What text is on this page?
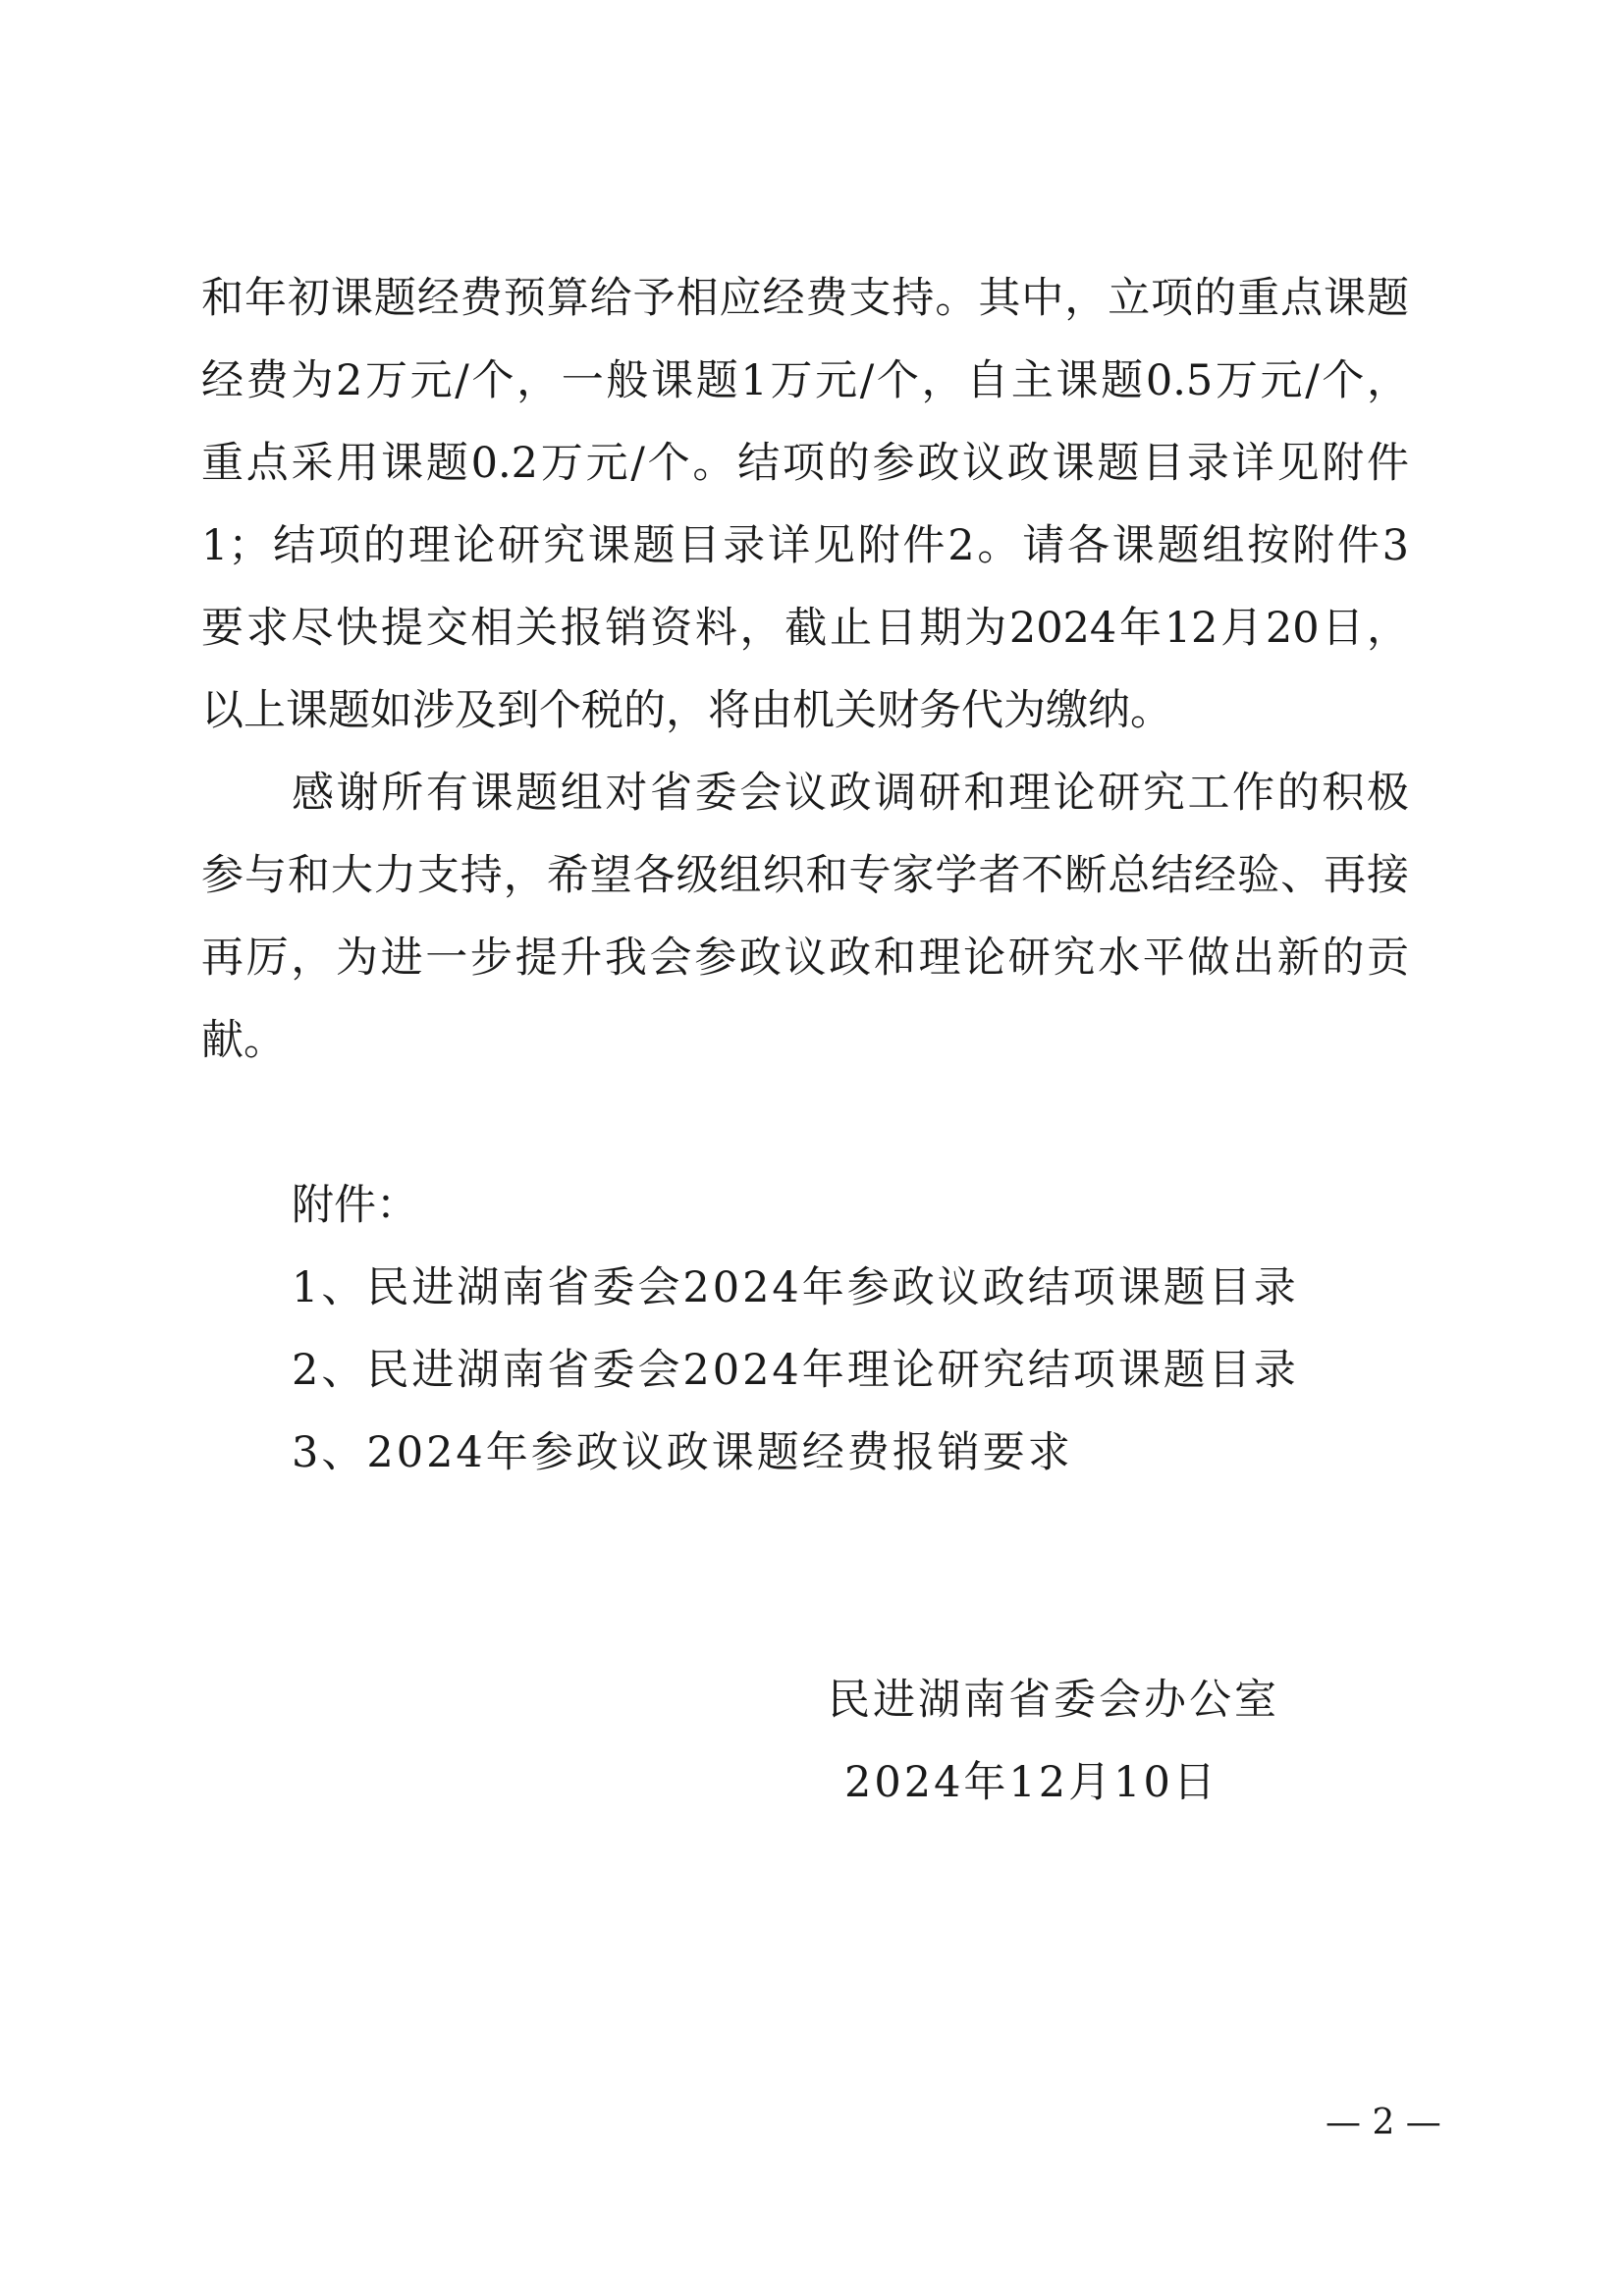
和年初课题经费预算给予相应经费支持。其中，立项的重点课题
经费为2万元/个，一般课题1万元/个，自主课题0.5万元/个，
重点采用课题0.2万元/个。结项的参政议政课题目录详见附件
1；结项的理论研究课题目录详见附件2。请各课题组按附件3
要求尽快提交相关报销资料，截止日期为2024年12月20日，
以上课题如涉及到个税的，将由机关财务代为缴纳。
感谢所有课题组对省委会议政调研和理论研究工作的积极
参与和大力支持，希望各级组织和专家学者不断总结经验、再接
再厉，为进一步提升我会参政议政和理论研究水平做出新的贡
献。
附件：
1、民进湖南省委会2024年参政议政结项课题目录
2、民进湖南省委会2024年理论研究结项课题目录
3、2024年参政议政课题经费报销要求
民进湖南省委会办公室
2024年12月10日
— 2 —
